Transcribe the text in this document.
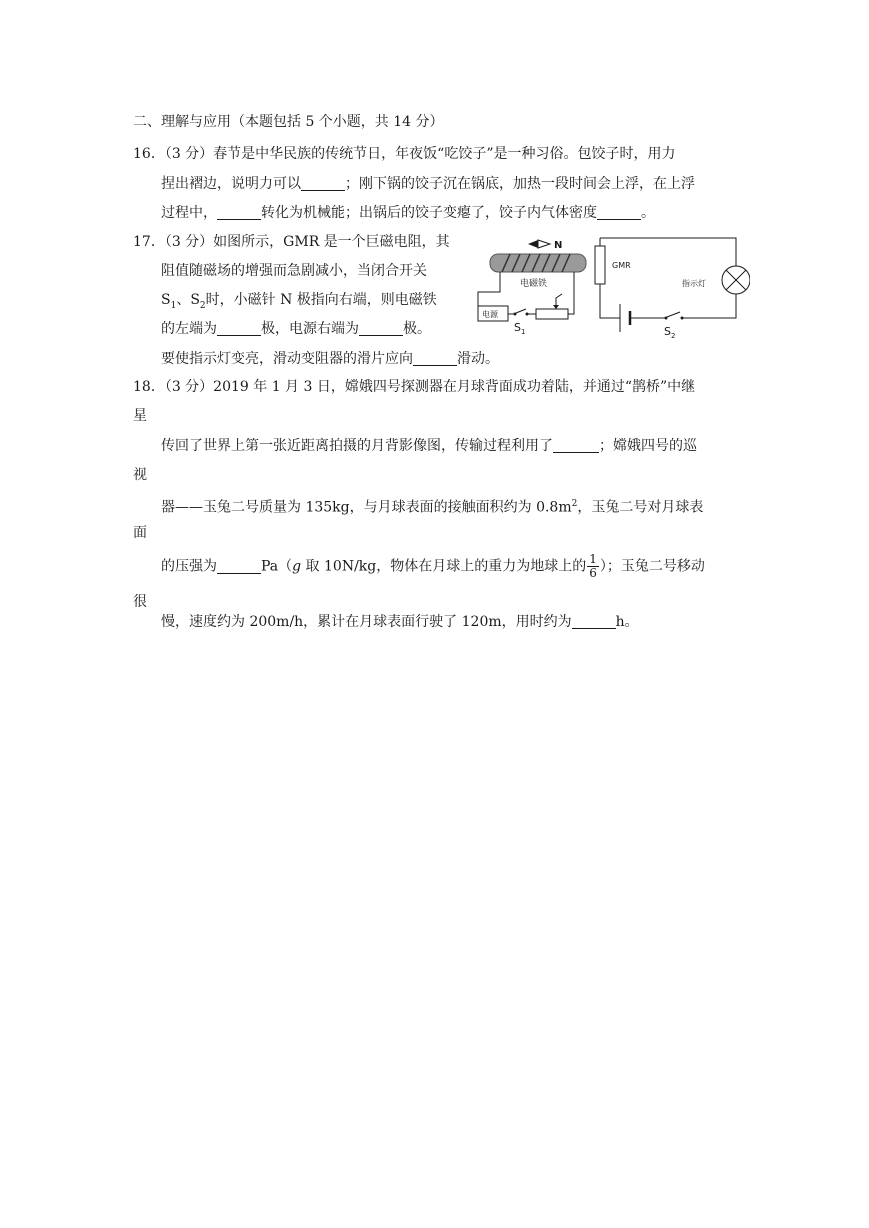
二、理解与应用（本题包括 5 个小题，共 14 分）
16．（3 分）春节是中华民族的传统节日，年夜饭“吃饺子”是一种习俗。包饺子时，用力
捏出褶边，说明力可以	；刚下锅的饺子沉在锅底，加热一段时间会上浮，在上浮
过程中，	转化为机械能；出锅后的饺子变瘪了，饺子内气体密度	。
17．（3 分）如图所示，GMR 是一个巨磁电阻，其
阻值随磁场的增强而急剧减小，当闭合开关
$S_1$、$S_2$时，小磁针 N 极指向右端，则电磁铁
的左端为	极，电源右端为	极。
要使指示灯变亮，滑动变阻器的滑片应向	滑动。
N
电磁铁
电源
$S_1$
GMR
指示灯
$S_2$
18．（3 分）2019 年 1 月 3 日，嫦娥四号探测器在月球背面成功着陆，并通过“鹊桥”中继
星
传回了世界上第一张近距离拍摄的月背影像图，传输过程利用了	；嫦娥四号的巡
视
器——玉兔二号质量为 135kg，与月球表面的接触面积约为 $0.8m^2$，玉兔二号对月球表
面
的压强为	Pa（g 取 10N/kg，物体在月球上的重力为地球上的 $\frac{1}{6}$ ）；玉兔二号移动
很
慢，速度约为 200m/h，累计在月球表面行驶了 120m，用时约为	h。
